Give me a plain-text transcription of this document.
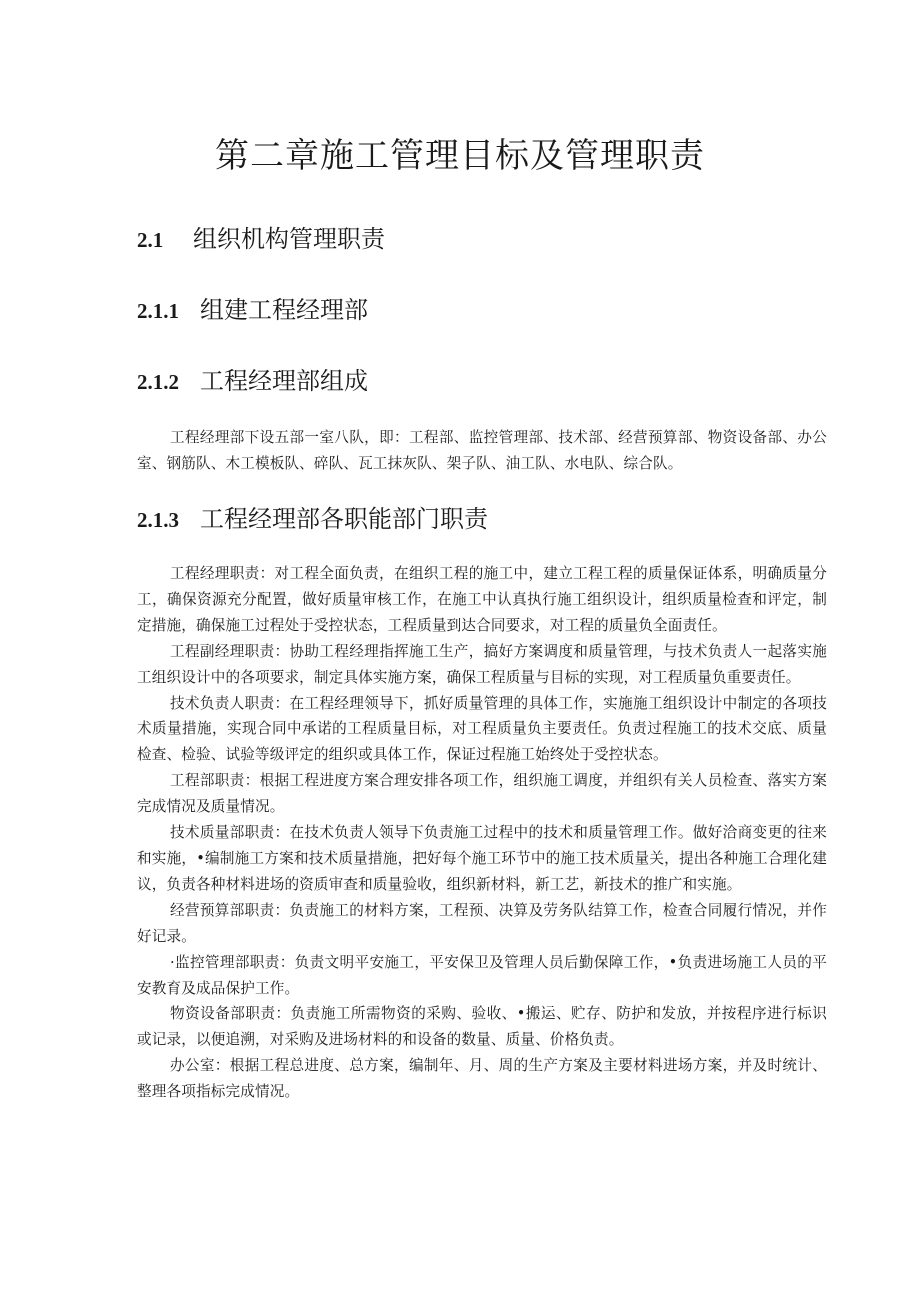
第二章施工管理目标及管理职责
2.1 组织机构管理职责
2.1.1 组建工程经理部
2.1.2 工程经理部组成

工程经理部下设五部一室八队，即：工程部、监控管理部、技术部、经营预算部、物资设备部、办公室、钢筋队、木工模板队、碎队、瓦工抹灰队、架子队、油工队、水电队、综合队。

2.1.3 工程经理部各职能部门职责

工程经理职责：对工程全面负责，在组织工程的施工中，建立工程工程的质量保证体系，明确质量分工，确保资源充分配置，做好质量审核工作，在施工中认真执行施工组织设计，组织质量检查和评定，制定措施，确保施工过程处于受控状态，工程质量到达合同要求，对工程的质量负全面责任。

工程副经理职责：协助工程经理指挥施工生产，搞好方案调度和质量管理，与技术负责人一起落实施工组织设计中的各项要求，制定具体实施方案，确保工程质量与目标的实现，对工程质量负重要责任。

技术负责人职责：在工程经理领导下，抓好质量管理的具体工作，实施施工组织设计中制定的各项技术质量措施，实现合同中承诺的工程质量目标，对工程质量负主要责任。负责过程施工的技术交底、质量检查、检验、试验等级评定的组织或具体工作，保证过程施工始终处于受控状态。

工程部职责：根据工程进度方案合理安排各项工作，组织施工调度，并组织有关人员检查、落实方案完成情况及质量情况。

技术质量部职责：在技术负责人领导下负责施工过程中的技术和质量管理工作。做好洽商变更的往来和实施，•编制施工方案和技术质量措施，把好每个施工环节中的施工技术质量关，提出各种施工合理化建议，负责各种材料进场的资质审查和质量验收，组织新材料，新工艺，新技术的推广和实施。

经营预算部职责：负责施工的材料方案，工程预、决算及劳务队结算工作，检查合同履行情况，并作好记录。

·监控管理部职责：负责文明平安施工，平安保卫及管理人员后勤保障工作，•负责进场施工人员的平安教育及成品保护工作。

物资设备部职责：负责施工所需物资的采购、验收、•搬运、贮存、防护和发放，并按程序进行标识或记录，以便追溯，对采购及进场材料的和设备的数量、质量、价格负责。

办公室：根据工程总进度、总方案，编制年、月、周的生产方案及主要材料进场方案，并及时统计、整理各项指标完成情况。
